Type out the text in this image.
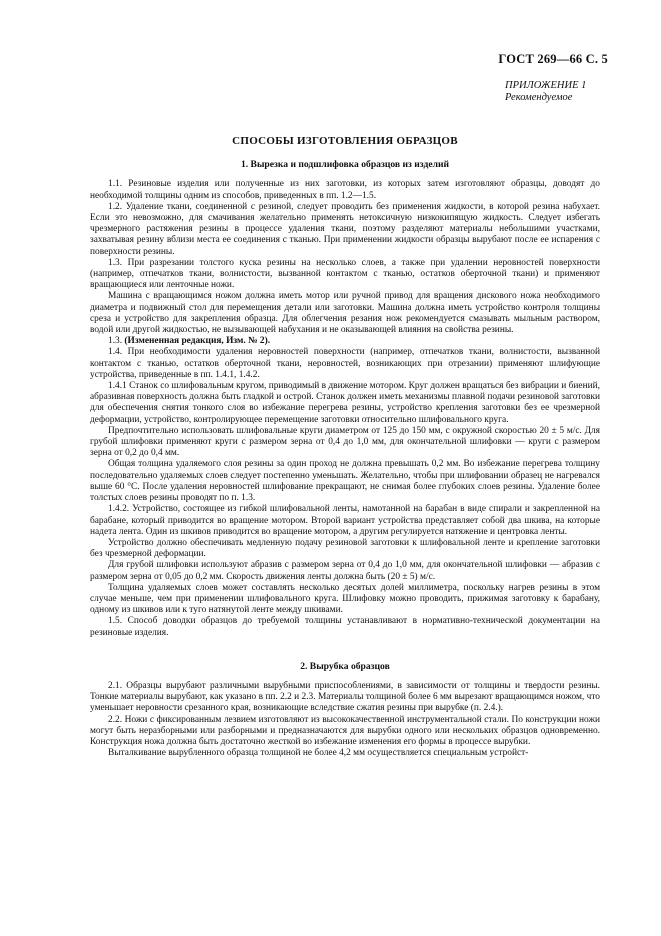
ГОСТ 269—66 С. 5
ПРИЛОЖЕНИЕ 1
Рекомендуемое
СПОСОБЫ ИЗГОТОВЛЕНИЯ ОБРАЗЦОВ
1. Вырезка и подшлифовка образцов из изделий

1.1. Резиновые изделия или полученные из них заготовки, из которых затем изготовляют образцы, доводят до необходимой толщины одним из способов, приведенных в пп. 1.2—1.5.

1.2. Удаление ткани, соединенной с резиной, следует проводить без применения жидкости, в которой резина набухает. Если это невозможно, для смачивания желательно применять нетоксичную низкокипящую жидкость. Следует избегать чрезмерного растяжения резины в процессе удаления ткани, поэтому разделяют материалы небольшими участками, захватывая резину вблизи места ее соединения с тканью. При применении жидкости образцы вырубают после ее испарения с поверхности резины.

1.3. При разрезании толстого куска резины на несколько слоев, а также при удалении неровностей поверхности (например, отпечатков ткани, волнистости, вызванной контактом с тканью, остатков оберточной ткани) и применяют вращающиеся или ленточные ножи.

Машина с вращающимся ножом должна иметь мотор или ручной привод для вращения дискового ножа необходимого диаметра и подвижный стол для перемещения детали или заготовки. Машина должна иметь устройство контроля толщины среза и устройство для закрепления образца. Для облегчения резания нож рекомендуется смазывать мыльным раствором, водой или другой жидкостью, не вызывающей набухания и не оказывающей влияния на свойства резины.

1.3. (Измененная редакция, Изм. № 2).

1.4. При необходимости удаления неровностей поверхности (например, отпечатков ткани, волнистости, вызванной контактом с тканью, остатков оберточной ткани, неровностей, возникающих при отрезании) применяют шлифующие устройства, приведенные в пп. 1.4.1, 1.4.2.

1.4.1 Станок со шлифовальным кругом, приводимый в движение мотором. Круг должен вращаться без вибрации и биений, абразивная поверхность должна быть гладкой и острой. Станок должен иметь механизмы плавной подачи резиновой заготовки для обеспечения снятия тонкого слоя во избежание перегрева резины, устройство крепления заготовки без ее чрезмерной деформации, устройство, контролирующее перемещение заготовки относительно шлифовального круга.

Предпочтительно использовать шлифовальные круги диаметром от 125 до 150 мм, с окружной скоростью 20 ± 5 м/с. Для грубой шлифовки применяют круги с размером зерна от 0,4 до 1,0 мм, для окончательной шлифовки — круги с размером зерна от 0,2 до 0,4 мм.

Общая толщина удаляемого слоя резины за один проход не должна превышать 0,2 мм. Во избежание перегрева толщину последовательно удаляемых слоев следует постепенно уменьшать. Желательно, чтобы при шлифовании образец не нагревался выше 60 °С. После удаления неровностей шлифование прекращают, не снимая более глубоких слоев резины. Удаление более толстых слоев резины проводят по п. 1.3.

1.4.2. Устройство, состоящее из гибкой шлифовальной ленты, намотанной на барабан в виде спирали и закрепленной на барабане, который приводится во вращение мотором. Второй вариант устройства представляет собой два шкива, на которые надета лента. Один из шкивов приводится во вращение мотором, а другим регулируется натяжение и центровка ленты.

Устройство должно обеспечивать медленную подачу резиновой заготовки к шлифовальной ленте и крепление заготовки без чрезмерной деформации.

Для грубой шлифовки используют абразив с размером зерна от 0,4 до 1,0 мм, для окончательной шлифовки — абразив с размером зерна от 0,05 до 0,2 мм. Скорость движения ленты должна быть (20 ± 5) м/с.

Толщина удаляемых слоев может составлять несколько десятых долей миллиметра, поскольку нагрев резины в этом случае меньше, чем при применении шлифовального круга. Шлифовку можно проводить, прижимая заготовку к барабану, одному из шкивов или к туго натянутой ленте между шкивами.

1.5. Способ доводки образцов до требуемой толщины устанавливают в нормативно-технической документации на резиновые изделия.

2. Вырубка образцов

2.1. Образцы вырубают различными вырубными приспособлениями, в зависимости от толщины и твердости резины. Тонкие материалы вырубают, как указано в пп. 2.2 и 2.3. Материалы толщиной более 6 мм вырезают вращающимся ножом, что уменьшает неровности срезанного края, возникающие вследствие сжатия резины при вырубке (п. 2.4.).

2.2. Ножи с фиксированным лезвием изготовляют из высококачественной инструментальной стали. По конструкции ножи могут быть неразборными или разборными и предназначаются для вырубки одного или нескольких образцов одновременно. Конструкция ножа должна быть достаточно жесткой во избежание изменения его формы в процессе вырубки.

Выталкивание вырубленного образца толщиной не более 4,2 мм осуществляется специальным устройст-
